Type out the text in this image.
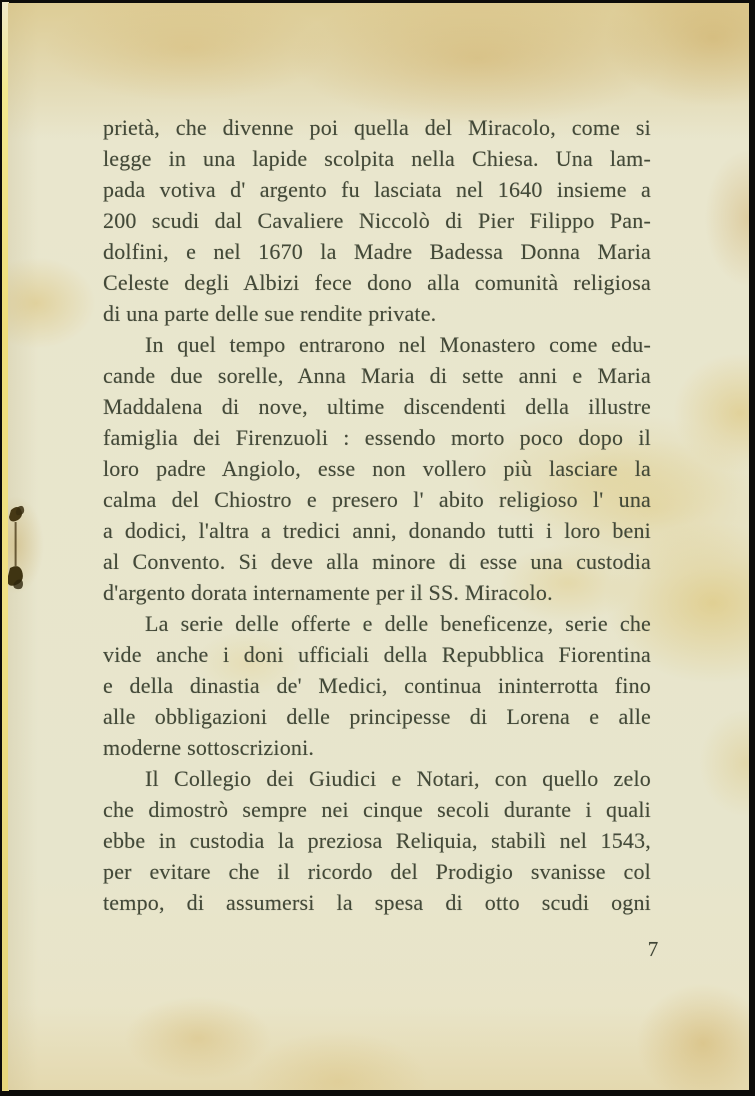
prietà, che divenne poi quella del Miracolo, come si
legge in una lapide scolpita nella Chiesa. Una lam-
pada votiva d' argento fu lasciata nel 1640 insieme a
200 scudi dal Cavaliere Niccolò di Pier Filippo Pan-
dolfini, e nel 1670 la Madre Badessa Donna Maria
Celeste degli Albizi fece dono alla comunità religiosa
di una parte delle sue rendite private.
In quel tempo entrarono nel Monastero come edu-
cande due sorelle, Anna Maria di sette anni e Maria
Maddalena di nove, ultime discendenti della illustre
famiglia dei Firenzuoli : essendo morto poco dopo il
loro padre Angiolo, esse non vollero più lasciare la
calma del Chiostro e presero l' abito religioso l' una
a dodici, l'altra a tredici anni, donando tutti i loro beni
al Convento. Si deve alla minore di esse una custodia
d'argento dorata internamente per il SS. Miracolo.
La serie delle offerte e delle beneficenze, serie che
vide anche i doni ufficiali della Repubblica Fiorentina
e della dinastia de' Medici, continua ininterrotta fino
alle obbligazioni delle principesse di Lorena e alle
moderne sottoscrizioni.
Il Collegio dei Giudici e Notari, con quello zelo
che dimostrò sempre nei cinque secoli durante i quali
ebbe in custodia la preziosa Reliquia, stabilì nel 1543,
per evitare che il ricordo del Prodigio svanisse col
tempo, di assumersi la spesa di otto scudi ogni
7
